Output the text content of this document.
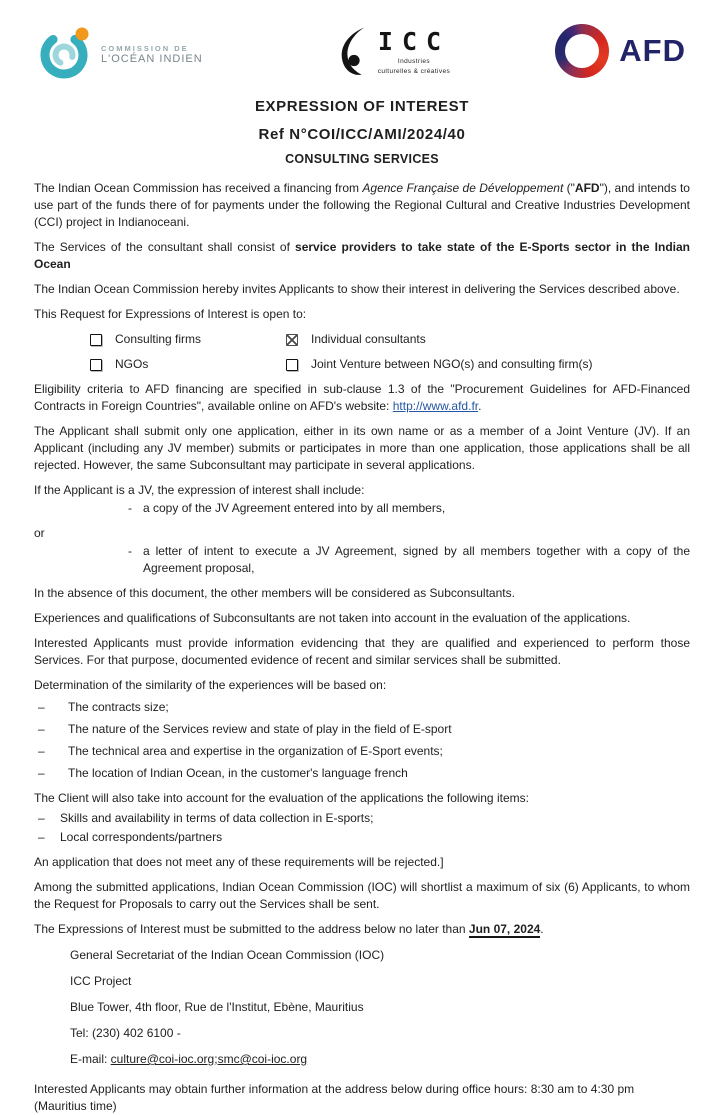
COMMISSION DE
L'OCÉAN INDIEN
ICC
Industries
culturelles & créatives
AFD
EXPRESSION OF INTEREST
Ref N°COI/ICC/AMI/2024/40
CONSULTING SERVICES
The Indian Ocean Commission has received a financing from Agence Française de Développement ("AFD"), and intends to use part of the funds there of for payments under the following the Regional Cultural and Creative Industries Development (CCI) project in Indianoceani.
The Services of the consultant shall consist of service providers to take state of the E-Sports sector in the Indian Ocean
The Indian Ocean Commission hereby invites Applicants to show their interest in delivering the Services described above.
This Request for Expressions of Interest is open to:
Consulting firms	Individual consultants
NGOs	Joint Venture between NGO(s) and consulting firm(s)
Eligibility criteria to AFD financing are specified in sub-clause 1.3 of the "Procurement Guidelines for AFD-Financed Contracts in Foreign Countries", available online on AFD's website: http://www.afd.fr.
The Applicant shall submit only one application, either in its own name or as a member of a Joint Venture (JV). If an Applicant (including any JV member) submits or participates in more than one application, those applications shall be all rejected. However, the same Subconsultant may participate in several applications.
If the Applicant is a JV, the expression of interest shall include:
- a copy of the JV Agreement entered into by all members,
or
- a letter of intent to execute a JV Agreement, signed by all members together with a copy of the Agreement proposal,
In the absence of this document, the other members will be considered as Subconsultants.
Experiences and qualifications of Subconsultants are not taken into account in the evaluation of the applications.
Interested Applicants must provide information evidencing that they are qualified and experienced to perform those Services. For that purpose, documented evidence of recent and similar services shall be submitted.
Determination of the similarity of the experiences will be based on:
–	The contracts size;
–	The nature of the Services review and state of play in the field of E-sport
–	The technical area and expertise in the organization of E-Sport events;
–	The location of Indian Ocean, in the customer's language french
The Client will also take into account for the evaluation of the applications the following items:
–	Skills and availability in terms of data collection in E-sports;
–	Local correspondents/partners
An application that does not meet any of these requirements will be rejected.]
Among the submitted applications, Indian Ocean Commission (IOC) will shortlist a maximum of six (6) Applicants, to whom the Request for Proposals to carry out the Services shall be sent.
The Expressions of Interest must be submitted to the address below no later than Jun 07, 2024.
General Secretariat of the Indian Ocean Commission (IOC)
ICC Project
Blue Tower, 4th floor, Rue de l'Institut, Ebène, Mauritius
Tel: (230) 402 6100 -
E-mail: culture@coi-ioc.org;smc@coi-ioc.org
Interested Applicants may obtain further information at the address below during office hours: 8:30 am to 4:30 pm (Mauritius time)
